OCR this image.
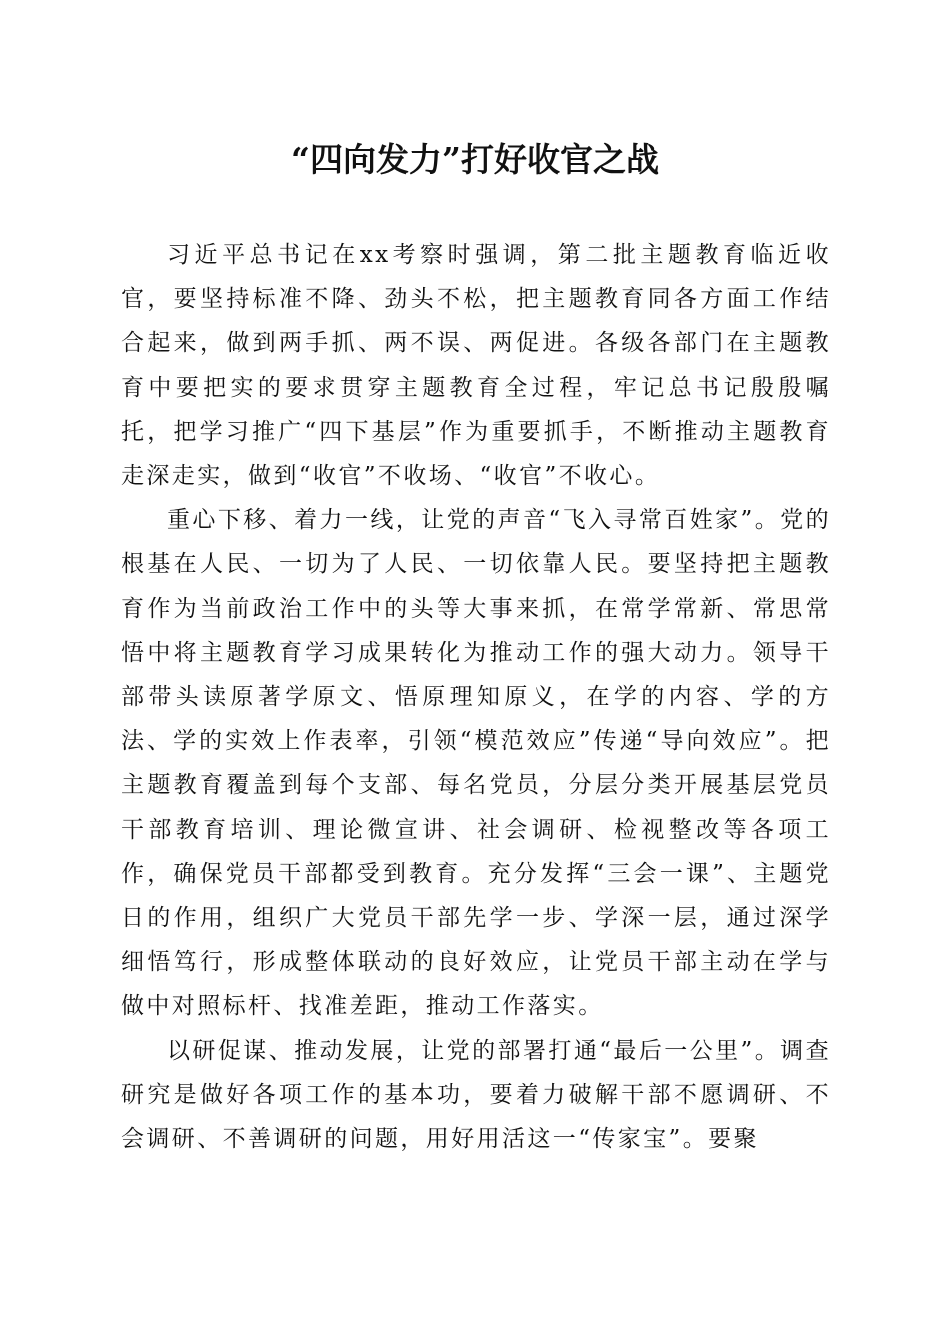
“四向发力”打好收官之战

习近平总书记在xx考察时强调，第二批主题教育临近收官，要坚持标准不降、劲头不松，把主题教育同各方面工作结合起来，做到两手抓、两不误、两促进。各级各部门在主题教育中要把实的要求贯穿主题教育全过程，牢记总书记殷殷嘱托，把学习推广“四下基层”作为重要抓手，不断推动主题教育走深走实，做到“收官”不收场、“收官”不收心。

重心下移、着力一线，让党的声音“飞入寻常百姓家”。党的根基在人民、一切为了人民、一切依靠人民。要坚持把主题教育作为当前政治工作中的头等大事来抓，在常学常新、常思常悟中将主题教育学习成果转化为推动工作的强大动力。领导干部带头读原著学原文、悟原理知原义，在学的内容、学的方法、学的实效上作表率，引领“模范效应”传递“导向效应”。把主题教育覆盖到每个支部、每名党员，分层分类开展基层党员干部教育培训、理论微宣讲、社会调研、检视整改等各项工作，确保党员干部都受到教育。充分发挥“三会一课”、主题党日的作用，组织广大党员干部先学一步、学深一层，通过深学细悟笃行，形成整体联动的良好效应，让党员干部主动在学与做中对照标杆、找准差距，推动工作落实。

以研促谋、推动发展，让党的部署打通“最后一公里”。调查研究是做好各项工作的基本功，要着力破解干部不愿调研、不会调研、不善调研的问题，用好用活这一“传家宝”。要聚
